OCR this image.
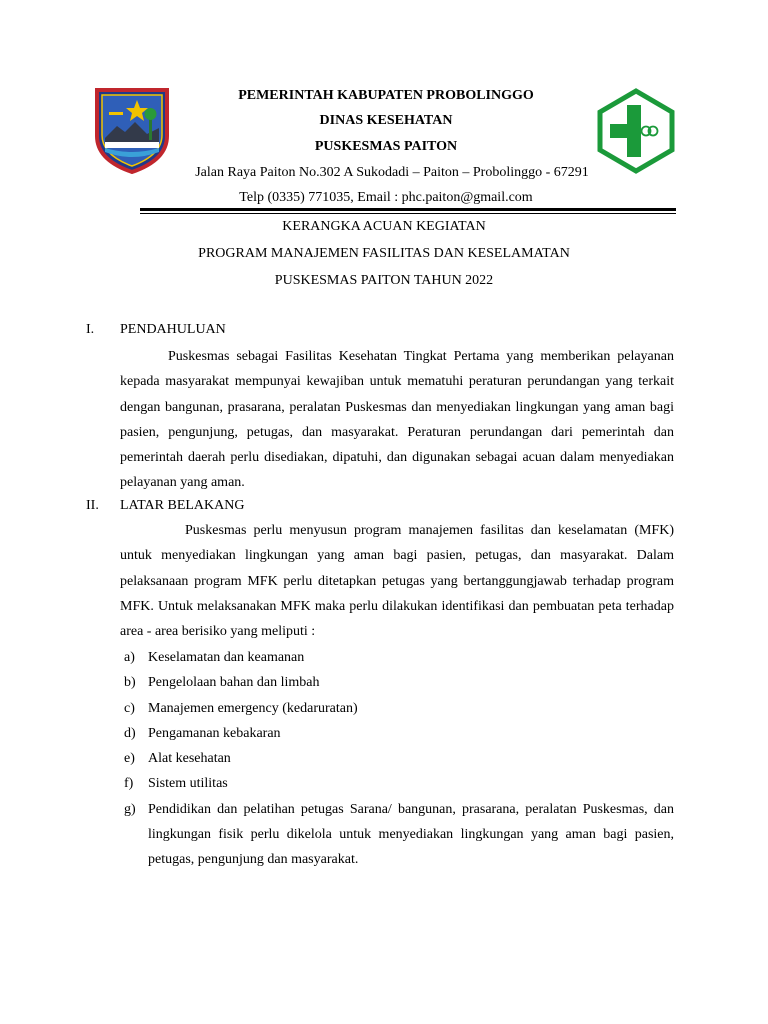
PEMERINTAH KABUPATEN PROBOLINGGO
DINAS KESEHATAN
PUSKESMAS PAITON
Jalan Raya Paiton No.302 A Sukodadi – Paiton – Probolinggo - 67291
Telp (0335) 771035, Email : phc.paiton@gmail.com
KERANGKA ACUAN KEGIATAN
PROGRAM MANAJEMEN FASILITAS DAN KESELAMATAN
PUSKESMAS PAITON TAHUN 2022
I. PENDAHULUAN
Puskesmas sebagai Fasilitas Kesehatan Tingkat Pertama yang memberikan pelayanan kepada masyarakat mempunyai kewajiban untuk mematuhi peraturan perundangan yang terkait dengan bangunan, prasarana, peralatan Puskesmas dan menyediakan lingkungan yang aman bagi pasien, pengunjung, petugas, dan masyarakat. Peraturan perundangan dari pemerintah dan pemerintah daerah perlu disediakan, dipatuhi, dan digunakan sebagai acuan dalam menyediakan pelayanan yang aman.
II. LATAR BELAKANG
Puskesmas perlu menyusun program manajemen fasilitas dan keselamatan (MFK) untuk menyediakan lingkungan yang aman bagi pasien, petugas, dan masyarakat. Dalam pelaksanaan program MFK perlu ditetapkan petugas yang bertanggungjawab terhadap program MFK. Untuk melaksanakan MFK maka perlu dilakukan identifikasi dan pembuatan peta terhadap area - area berisiko yang meliputi :
a) Keselamatan dan keamanan
b) Pengelolaan bahan dan limbah
c) Manajemen emergency (kedaruratan)
d) Pengamanan kebakaran
e) Alat kesehatan
f) Sistem utilitas
g) Pendidikan dan pelatihan petugas Sarana/ bangunan, prasarana, peralatan Puskesmas, dan lingkungan fisik perlu dikelola untuk menyediakan lingkungan yang aman bagi pasien, petugas, pengunjung dan masyarakat.
